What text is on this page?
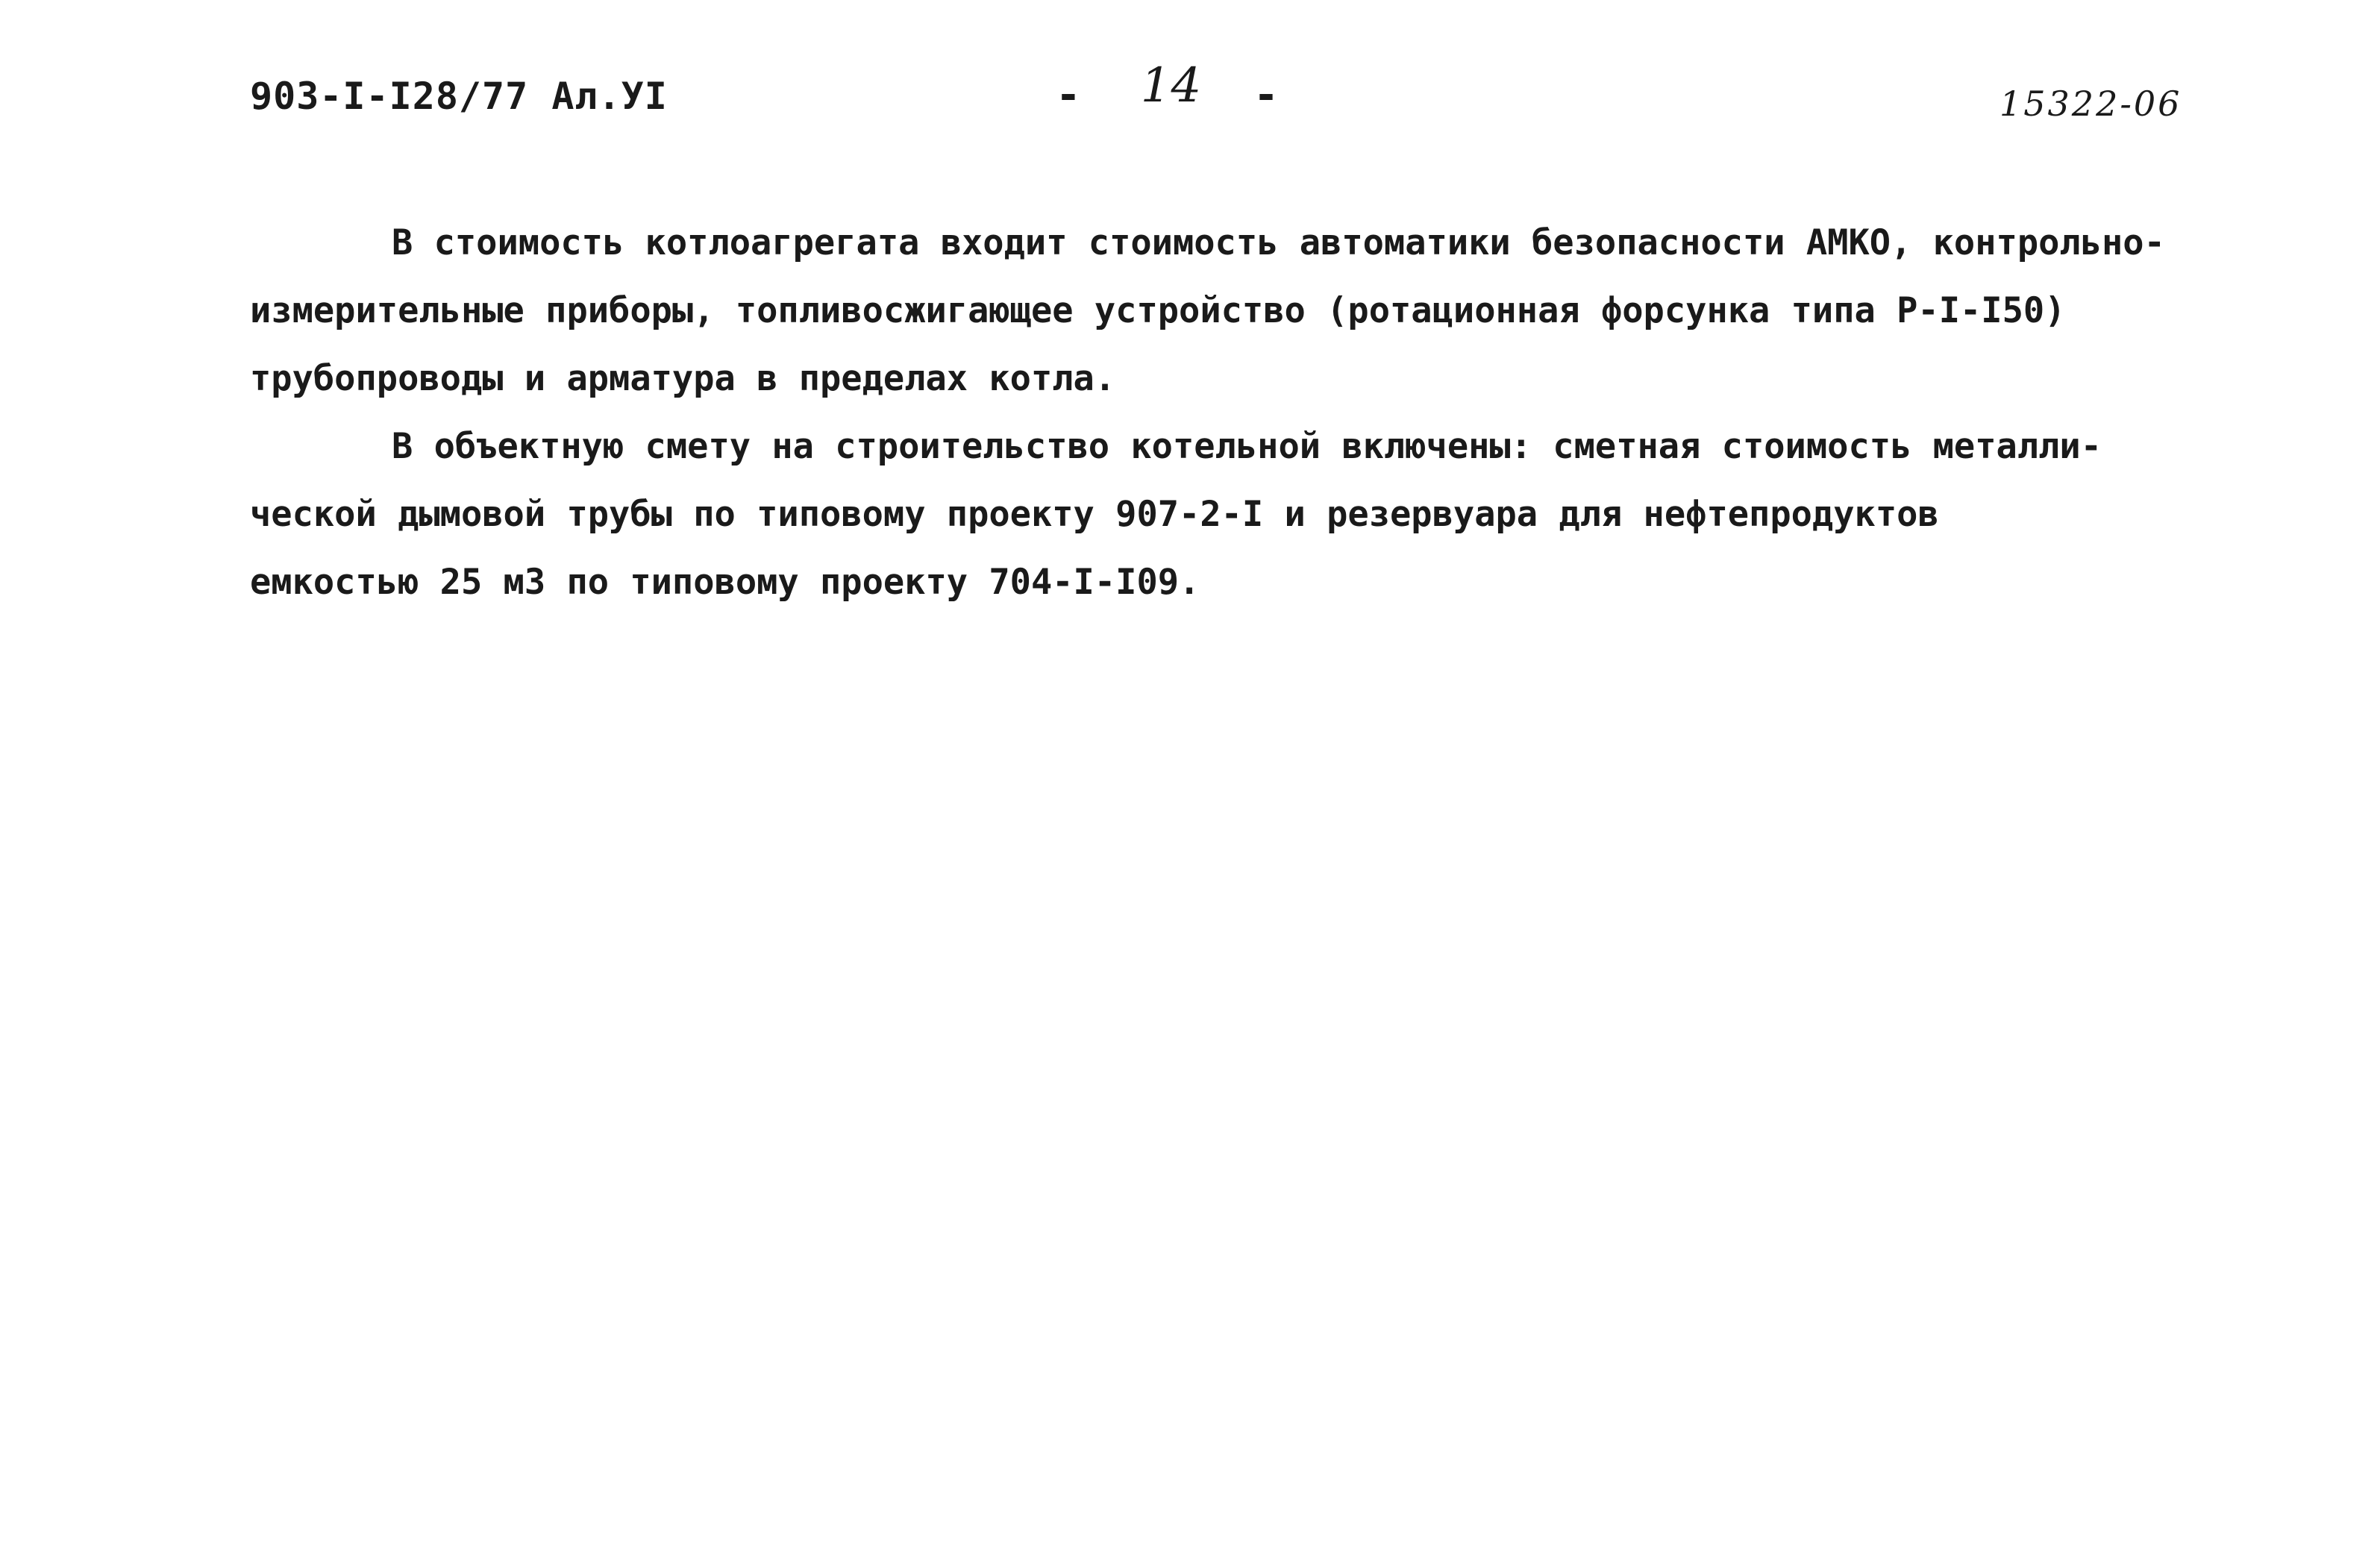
903-I-I28/77 Ал.УI	- 14 -	15322-06
В стоимость котлоагрегата входит стоимость автоматики безопасности АМКО, контрольно-
измерительные приборы, топливосжигающее устройство (ротационная форсунка типа Р-I-I50)
трубопроводы и арматура в пределах котла.
В объектную смету на строительство котельной включены: сметная стоимость металли-
ческой дымовой трубы по типовому проекту 907-2-I и резервуара для нефтепродуктов
емкостью 25 м3 по типовому проекту 704-I-I09.
